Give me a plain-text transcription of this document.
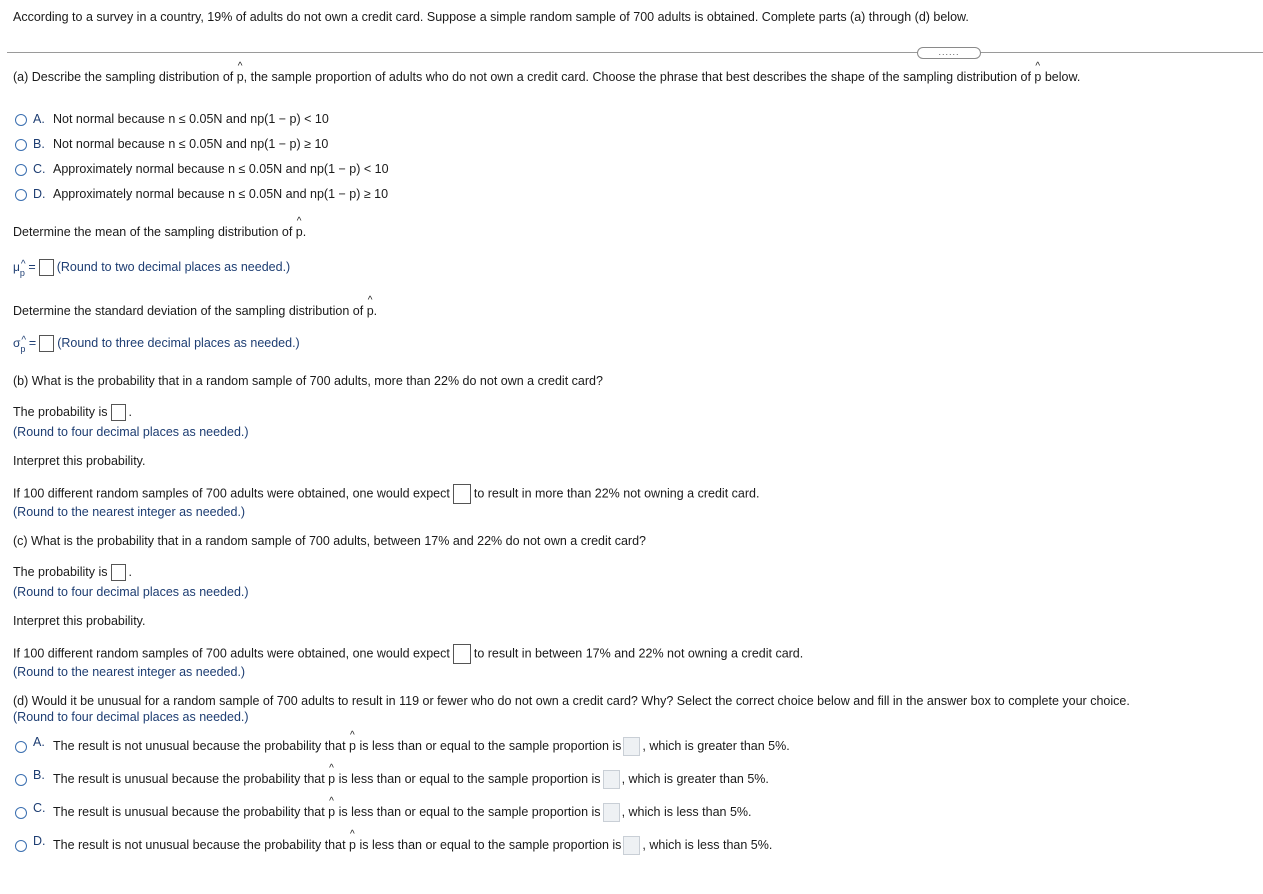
According to a survey in a country, 19% of adults do not own a credit card. Suppose a simple random sample of 700 adults is obtained. Complete parts (a) through (d) below.
......
(a) Describe the sampling distribution of ^ p, the sample proportion of adults who do not own a credit card. Choose the phrase that best describes the shape of the sampling distribution of ^ p below.
A. Not normal because n ≤ 0.05N and np(1 − p) < 10
B. Not normal because n ≤ 0.05N and np(1 − p) ≥ 10
C. Approximately normal because n ≤ 0.05N and np(1 − p) < 10
D. Approximately normal because n ≤ 0.05N and np(1 − p) ≥ 10
Determine the mean of the sampling distribution of ^ p.
μ^ p = (Round to two decimal places as needed.)
Determine the standard deviation of the sampling distribution of ^ p.
σ^ p = (Round to three decimal places as needed.)
(b) What is the probability that in a random sample of 700 adults, more than 22% do not own a credit card?
The probability is .
(Round to four decimal places as needed.)
Interpret this probability.
If 100 different random samples of 700 adults were obtained, one would expect to result in more than 22% not owning a credit card.
(Round to the nearest integer as needed.)
(c) What is the probability that in a random sample of 700 adults, between 17% and 22% do not own a credit card?
The probability is .
(Round to four decimal places as needed.)
Interpret this probability.
If 100 different random samples of 700 adults were obtained, one would expect to result in between 17% and 22% not owning a credit card.
(Round to the nearest integer as needed.)
(d) Would it be unusual for a random sample of 700 adults to result in 119 or fewer who do not own a credit card? Why? Select the correct choice below and fill in the answer box to complete your choice.
(Round to four decimal places as needed.)
A. The result is not unusual because the probability that ^ p is less than or equal to the sample proportion is , which is greater than 5%.
B. The result is unusual because the probability that ^ p is less than or equal to the sample proportion is , which is greater than 5%.
C. The result is unusual because the probability that ^ p is less than or equal to the sample proportion is , which is less than 5%.
D. The result is not unusual because the probability that ^ p is less than or equal to the sample proportion is , which is less than 5%.
